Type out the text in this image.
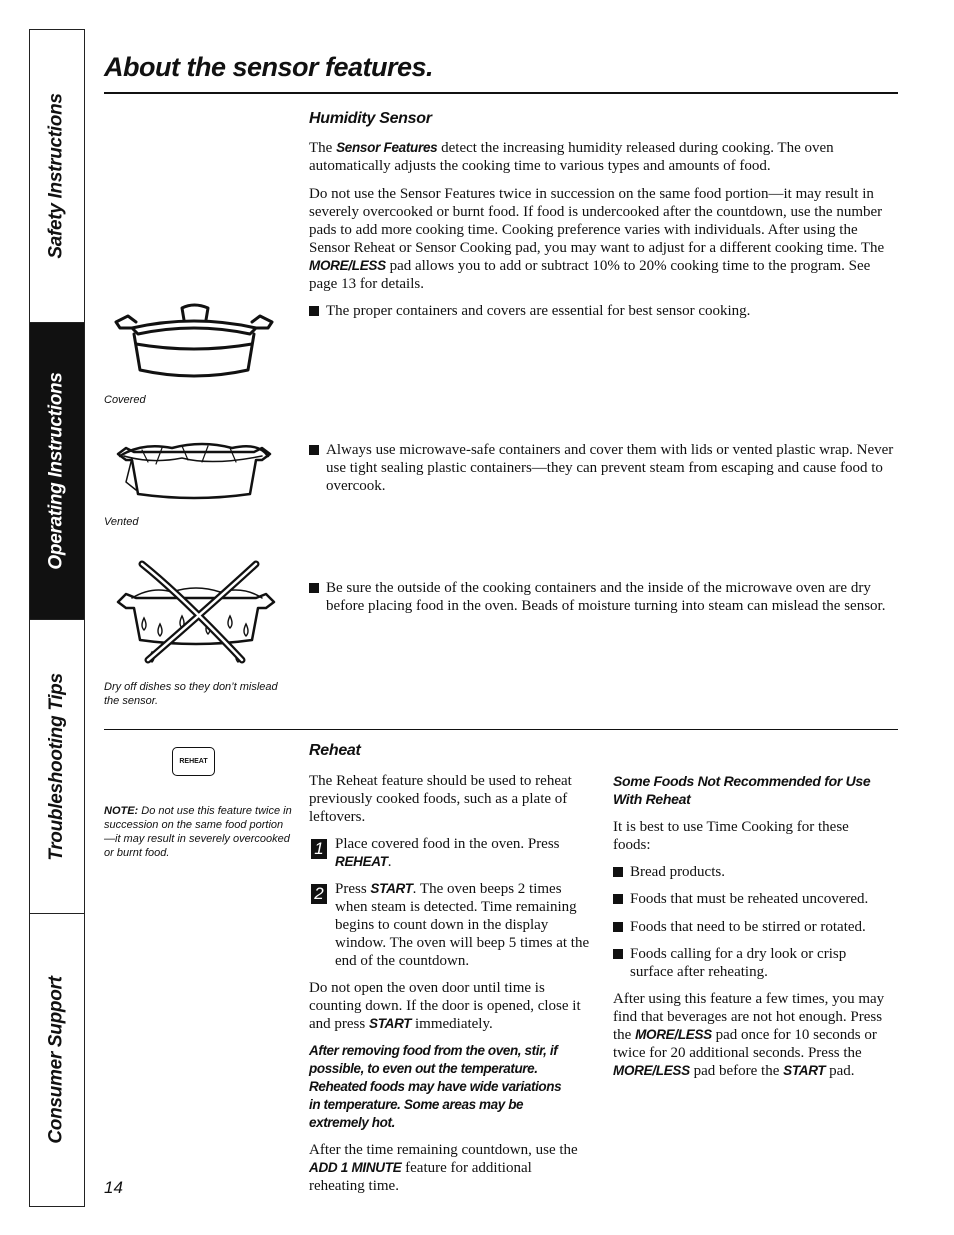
Safety Instructions
Operating Instructions
Troubleshooting Tips
Consumer Support
About the sensor features.
Humidity Sensor
The Sensor Features detect the increasing humidity released during cooking. The oven automatically adjusts the cooking time to various types and amounts of food.
Do not use the Sensor Features twice in succession on the same food portion—it may result in severely overcooked or burnt food. If food is undercooked after the countdown, use the number pads to add more cooking time. Cooking preference varies with individuals. After using the Sensor Reheat or Sensor Cooking pad, you may want to adjust for a different cooking time. The MORE/LESS pad allows you to add or subtract 10% to 20% cooking time to the program. See page 13 for details.
The proper containers and covers are essential for best sensor cooking.
Always use microwave-safe containers and cover them with lids or vented plastic wrap. Never use tight sealing plastic containers—they can prevent steam from escaping and cause food to overcook.
Be sure the outside of the cooking containers and the inside of the microwave oven are dry before placing food in the oven. Beads of moisture turning into steam can mislead the sensor.
Covered
Vented
Dry off dishes so they don’t mislead the sensor.
REHEAT
NOTE: Do not use this feature twice in succession on the same food portion—it may result in severely overcooked or burnt food.
Reheat
The Reheat feature should be used to reheat previously cooked foods, such as a plate of leftovers.
1 Place covered food in the oven. Press REHEAT.
2 Press START. The oven beeps 2 times when steam is detected. Time remaining begins to count down in the display window. The oven will beep 5 times at the end of the countdown.
Do not open the oven door until time is counting down. If the door is opened, close it and press START immediately.
After removing food from the oven, stir, if possible, to even out the temperature. Reheated foods may have wide variations in temperature. Some areas may be extremely hot.
After the time remaining countdown, use the ADD 1 MINUTE feature for additional reheating time.
Some Foods Not Recommended for Use With Reheat
It is best to use Time Cooking for these foods:
Bread products.
Foods that must be reheated uncovered.
Foods that need to be stirred or rotated.
Foods calling for a dry look or crisp surface after reheating.
After using this feature a few times, you may find that beverages are not hot enough. Press the MORE/LESS pad once for 10 seconds or twice for 20 additional seconds. Press the MORE/LESS pad before the START pad.
14
